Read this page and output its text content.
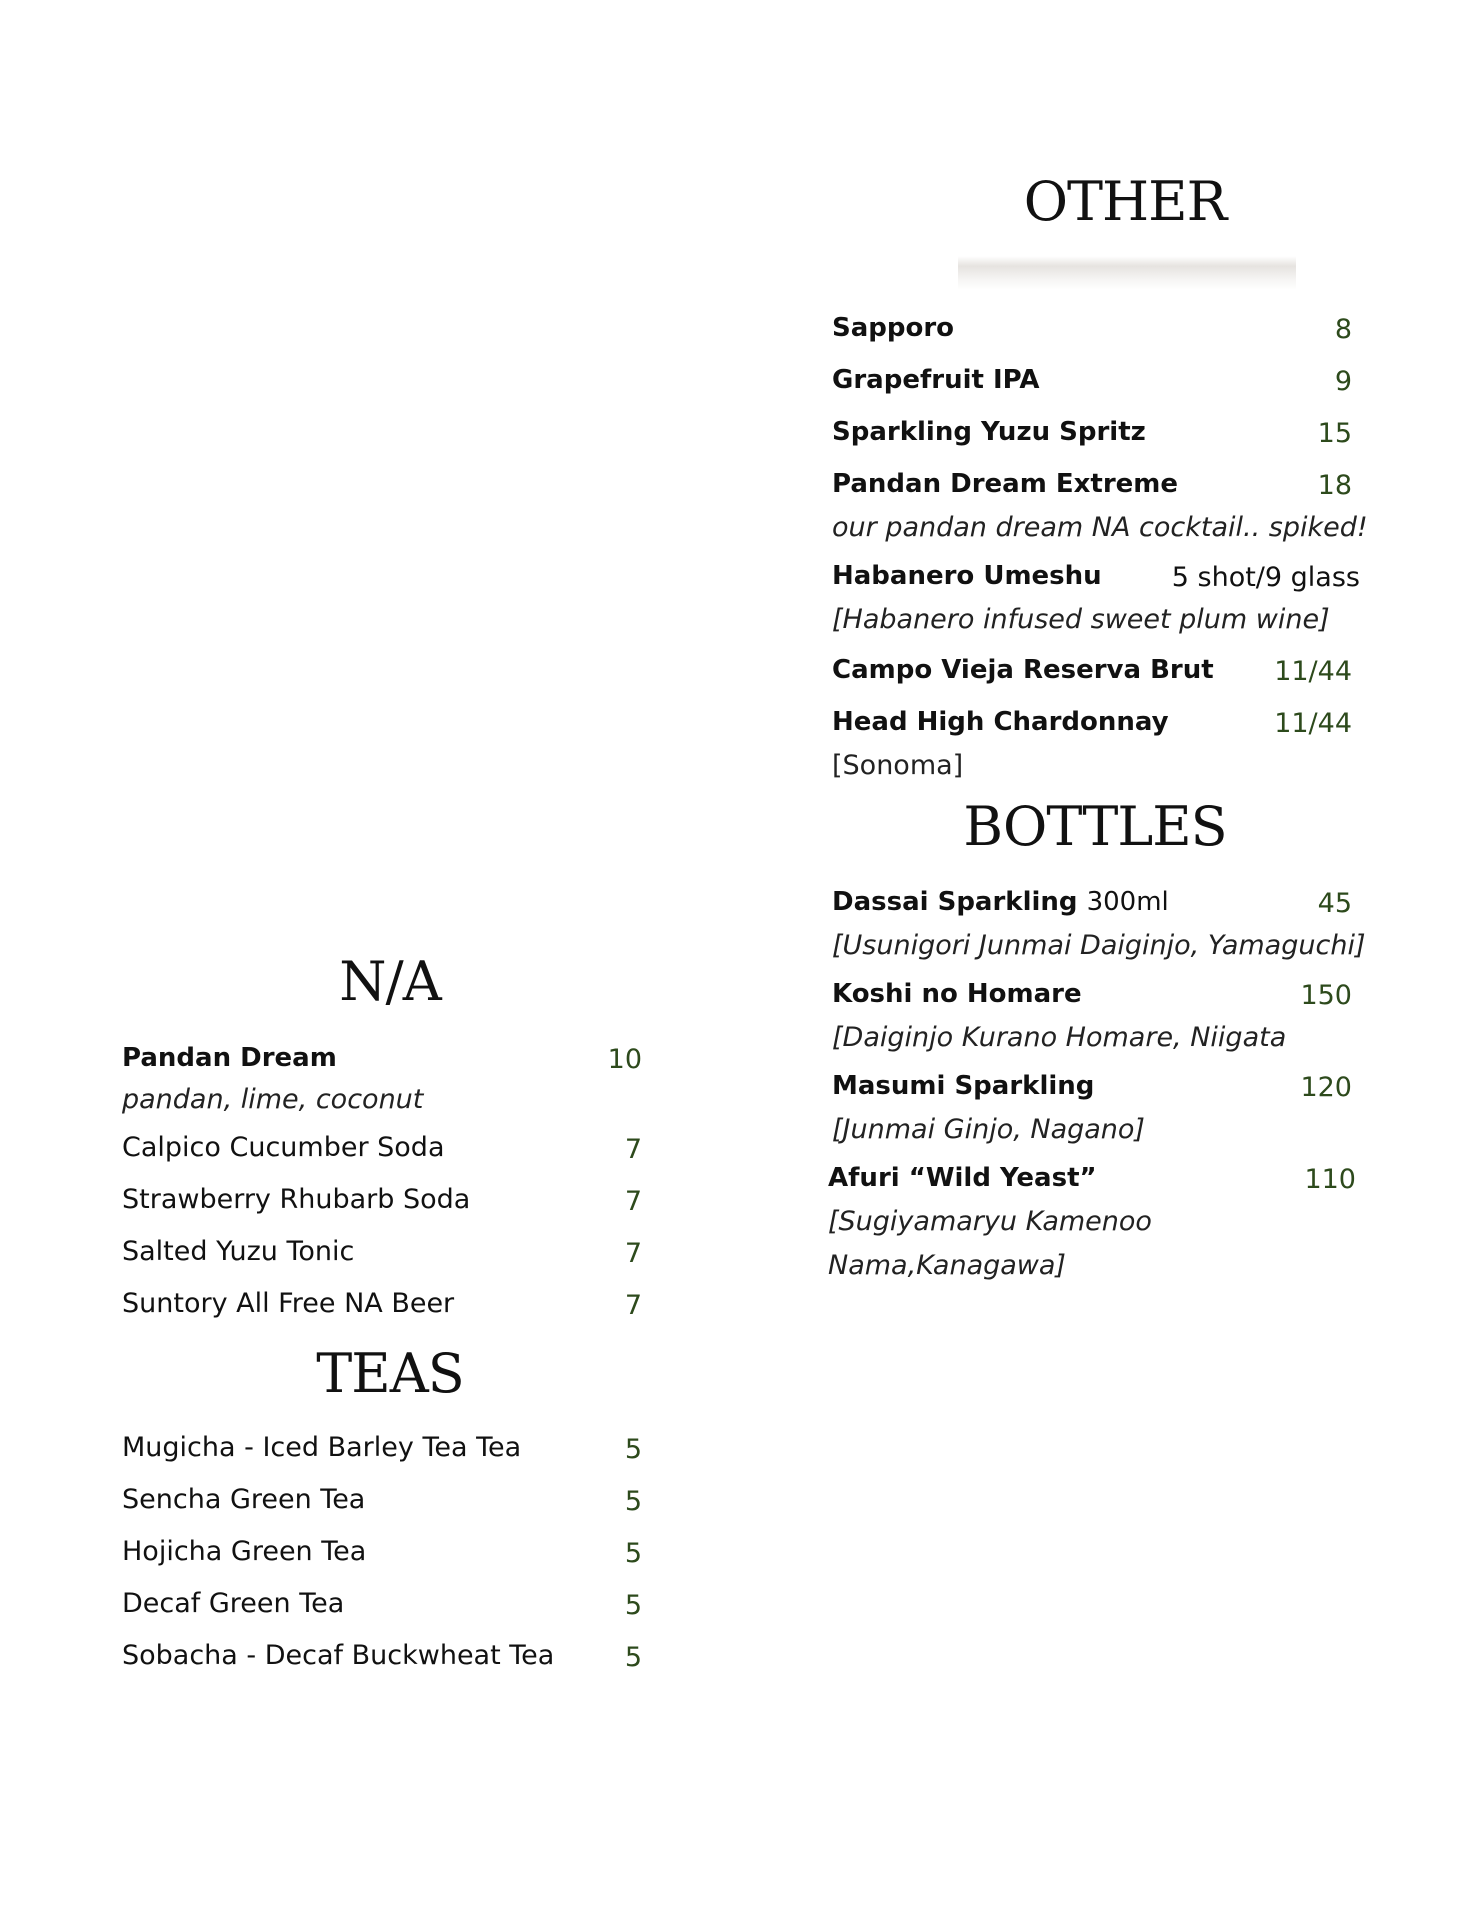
OTHER
Sapporo	8
Grapefruit IPA	9
Sparkling Yuzu Spritz	15
Pandan Dream Extreme	18
our pandan dream NA cocktail.. spiked!
Habanero Umeshu	5 shot/9 glass
[Habanero infused sweet plum wine]
Campo Vieja Reserva Brut 11/44
Head High Chardonnay	11/44
[Sonoma]
BOTTLES
Dassai Sparkling 300ml	45
[Usunigori Junmai Daiginjo, Yamaguchi]
Koshi no Homare	150
[Daiginjo Kurano Homare, Niigata
Masumi Sparkling	120
[Junmai Ginjo, Nagano]
Afuri “Wild Yeast”	110
[Sugiyamaryu Kamenoo
Nama,Kanagawa]
N/A
Pandan Dream	10
pandan, lime, coconut
Calpico Cucumber Soda	7
Strawberry Rhubarb Soda	7
Salted Yuzu Tonic	7
Suntory All Free NA Beer	7
TEAS
Mugicha - Iced Barley Tea Tea	5
Sencha Green Tea	5
Hojicha Green Tea	5
Decaf Green Tea	5
Sobacha - Decaf Buckwheat Tea	5
